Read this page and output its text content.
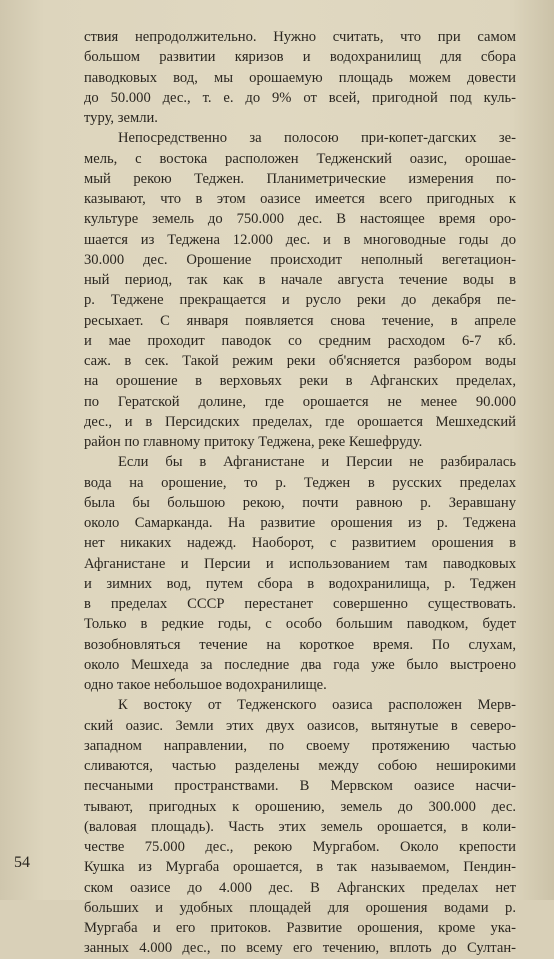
ствия непродолжительно. Нужно считать, что при самом
большом развитии кяризов и водохранилищ для сбора
паводковых вод, мы орошаемую площадь можем довести
до 50.000 дес., т. е. до 9% от всей, пригодной под куль-
туру, земли.
Непосредственно за полосою при-копет-дагских зе-
мель, с востока расположен Тедженский оазис, орошае-
мый рекою Теджен. Планиметрические измерения по-
казывают, что в этом оазисе имеется всего пригодных к
культуре земель до 750.000 дес. В настоящее время оро-
шается из Теджена 12.000 дес. и в многоводные годы до
30.000 дес. Орошение происходит неполный вегетацион-
ный период, так как в начале августа течение воды в
р. Теджене прекращается и русло реки до декабря пе-
ресыхает. С января появляется снова течение, в апреле
и мае проходит паводок со средним расходом 6-7 кб.
саж. в сек. Такой режим реки об'ясняется разбором воды
на орошение в верховьях реки в Афганских пределах,
по Гератской долине, где орошается не менее 90.000
дес., и в Персидских пределах, где орошается Мешхедский
район по главному притоку Теджена, реке Кешефруду.
Если бы в Афганистане и Персии не разбиралась
вода на орошение, то р. Теджен в русских пределах
была бы большою рекою, почти равною р. Зеравшану
около Самарканда. На развитие орошения из р. Теджена
нет никаких надежд. Наоборот, с развитием орошения в
Афганистане и Персии и использованием там паводковых
и зимних вод, путем сбора в водохранилища, р. Теджен
в пределах СССР перестанет совершенно существовать.
Только в редкие годы, с особо большим паводком, будет
возобновляться течение на короткое время. По слухам,
около Мешхеда за последние два года уже было выстроено
одно такое небольшое водохранилище.
К востоку от Тедженского оазиса расположен Мерв-
ский оазис. Земли этих двух оазисов, вытянутые в северо-
западном направлении, по своему протяжению частью
сливаются, частью разделены между собою неширокими
песчаными пространствами. В Мервском оазисе насчи-
тывают, пригодных к орошению, земель до 300.000 дес.
(валовая площадь). Часть этих земель орошается, в коли-
честве 75.000 дес., рекою Мургабом. Около крепости
Кушка из Мургаба орошается, в так называемом, Пендин-
ском оазисе до 4.000 дес. В Афганских пределах нет
больших и удобных площадей для орошения водами р.
Мургаба и его притоков. Развитие орошения, кроме ука-
занных 4.000 дес., по всему его течению, вплоть до Султан-
54
